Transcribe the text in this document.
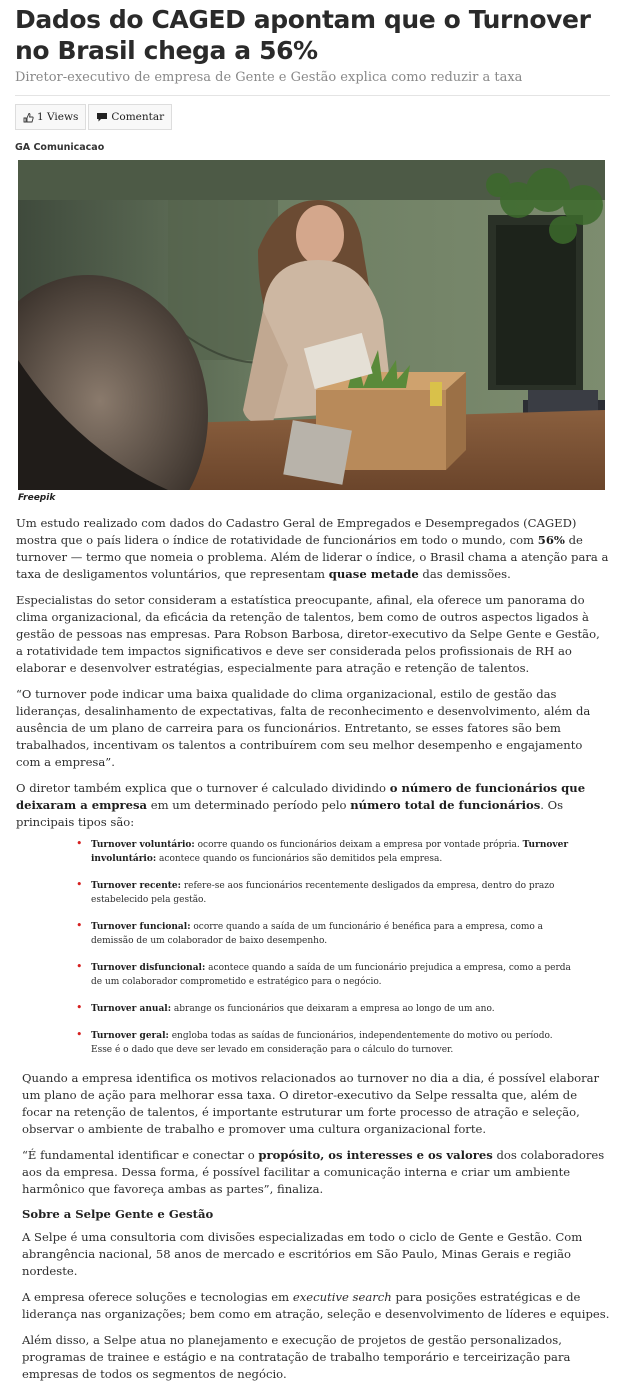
Dados do CAGED apontam que o Turnover no Brasil chega a 56%

Diretor-executivo de empresa de Gente e Gestão explica como reduzir a taxa

1 Views	Comentar
GA Comunicacao
Freepik

Um estudo realizado com dados do Cadastro Geral de Empregados e Desempregados (CAGED) mostra que o país lidera o índice de rotatividade de funcionários em todo o mundo, com 56% de turnover — termo que nomeia o problema. Além de liderar o índice, o Brasil chama a atenção para a taxa de desligamentos voluntários, que representam quase metade das demissões.

Especialistas do setor consideram a estatística preocupante, afinal, ela oferece um panorama do clima organizacional, da eficácia da retenção de talentos, bem como de outros aspectos ligados à gestão de pessoas nas empresas. Para Robson Barbosa, diretor-executivo da Selpe Gente e Gestão, a rotatividade tem impactos significativos e deve ser considerada pelos profissionais de RH ao elaborar e desenvolver estratégias, especialmente para atração e retenção de talentos.

“O turnover pode indicar uma baixa qualidade do clima organizacional, estilo de gestão das lideranças, desalinhamento de expectativas, falta de reconhecimento e desenvolvimento, além da ausência de um plano de carreira para os funcionários. Entretanto, se esses fatores são bem trabalhados, incentivam os talentos a contribuírem com seu melhor desempenho e engajamento com a empresa”.

O diretor também explica que o turnover é calculado dividindo o número de funcionários que deixaram a empresa em um determinado período pelo número total de funcionários. Os principais tipos são:

• Turnover voluntário: ocorre quando os funcionários deixam a empresa por vontade própria. Turnover involuntário: acontece quando os funcionários são demitidos pela empresa.
• Turnover recente: refere-se aos funcionários recentemente desligados da empresa, dentro do prazo estabelecido pela gestão.
• Turnover funcional: ocorre quando a saída de um funcionário é benéfica para a empresa, como a demissão de um colaborador de baixo desempenho.
• Turnover disfuncional: acontece quando a saída de um funcionário prejudica a empresa, como a perda de um colaborador comprometido e estratégico para o negócio.
• Turnover anual: abrange os funcionários que deixaram a empresa ao longo de um ano.
• Turnover geral: engloba todas as saídas de funcionários, independentemente do motivo ou período. Esse é o dado que deve ser levado em consideração para o cálculo do turnover.

Quando a empresa identifica os motivos relacionados ao turnover no dia a dia, é possível elaborar um plano de ação para melhorar essa taxa. O diretor-executivo da Selpe ressalta que, além de focar na retenção de talentos, é importante estruturar um forte processo de atração e seleção, observar o ambiente de trabalho e promover uma cultura organizacional forte.

“É fundamental identificar e conectar o propósito, os interesses e os valores dos colaboradores aos da empresa. Dessa forma, é possível facilitar a comunicação interna e criar um ambiente harmônico que favoreça ambas as partes”, finaliza.

Sobre a Selpe Gente e Gestão

A Selpe é uma consultoria com divisões especializadas em todo o ciclo de Gente e Gestão. Com abrangência nacional, 58 anos de mercado e escritórios em São Paulo, Minas Gerais e região nordeste.

A empresa oferece soluções e tecnologias em executive search para posições estratégicas e de liderança nas organizações; bem como em atração, seleção e desenvolvimento de líderes e equipes.

Além disso, a Selpe atua no planejamento e execução de projetos de gestão personalizados, programas de trainee e estágio e na contratação de trabalho temporário e terceirização para empresas de todos os segmentos de negócio.
